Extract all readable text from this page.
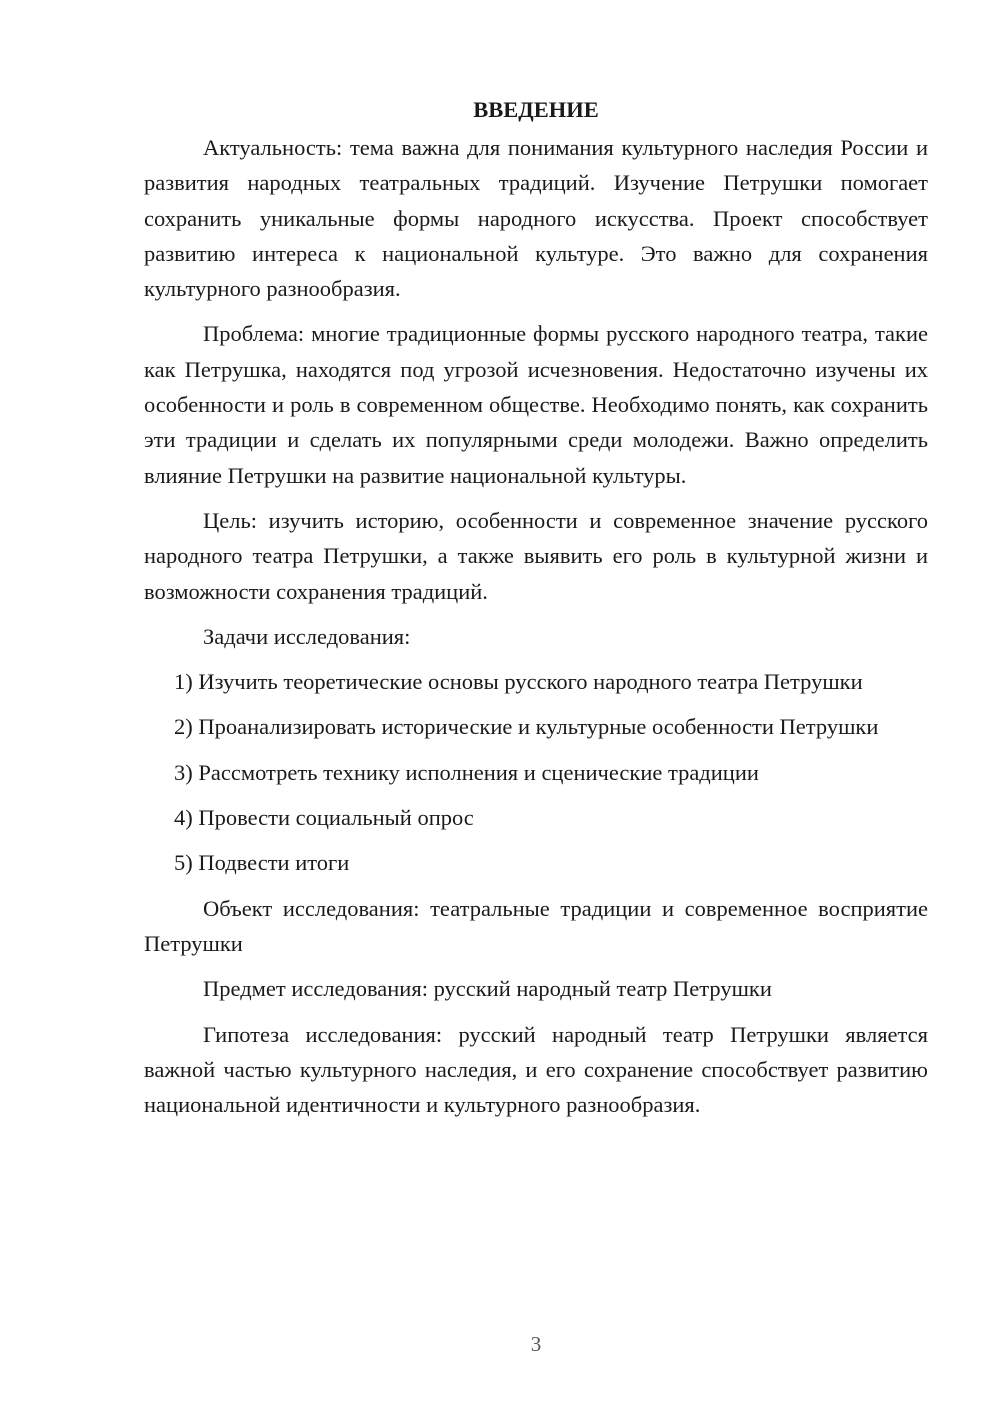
ВВЕДЕНИЕ

Актуальность: тема важна для понимания культурного наследия России и развития народных театральных традиций. Изучение Петрушки помогает сохранить уникальные формы народного искусства. Проект способствует развитию интереса к национальной культуре. Это важно для сохранения культурного разнообразия.

Проблема: многие традиционные формы русского народного театра, такие как Петрушка, находятся под угрозой исчезновения. Недостаточно изучены их особенности и роль в современном обществе. Необходимо понять, как сохранить эти традиции и сделать их популярными среди молодежи. Важно определить влияние Петрушки на развитие национальной культуры.

Цель: изучить историю, особенности и современное значение русского народного театра Петрушки, а также выявить его роль в культурной жизни и возможности сохранения традиций.

Задачи исследования:

1) Изучить теоретические основы русского народного театра Петрушки

2) Проанализировать исторические и культурные особенности Петрушки

3) Рассмотреть технику исполнения и сценические традиции

4) Провести социальный опрос

5) Подвести итоги

Объект исследования: театральные традиции и современное восприятие Петрушки

Предмет исследования: русский народный театр Петрушки

Гипотеза исследования: русский народный театр Петрушки является важной частью культурного наследия, и его сохранение способствует развитию национальной идентичности и культурного разнообразия.

3
